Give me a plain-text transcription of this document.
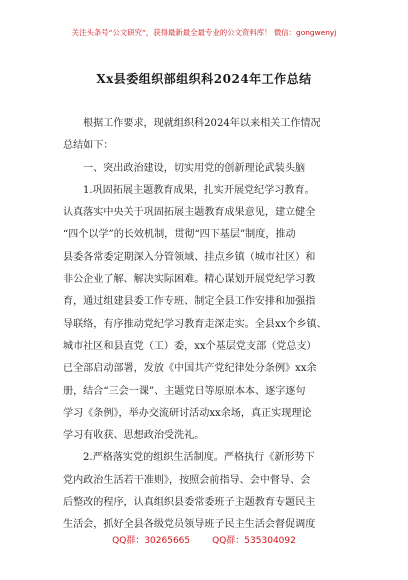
关注头条号“公文研究”，获得最新最全最专业的公文资料库！ 微信：gongwenyj
Xx县委组织部组织科2024年工作总结
根据工作要求，现就组织科2024年以来相关工作情况
总结如下：
一、突出政治建设，切实用党的创新理论武装头脑
1.巩固拓展主题教育成果，扎实开展党纪学习教育。
认真落实中央关于巩固拓展主题教育成果意见，建立健全
“四个以学”的长效机制，贯彻“四下基层”制度，推动
县委各常委定期深入分管领域、挂点乡镇（城市社区）和
非公企业了解、解决实际困难。精心谋划开展党纪学习教
育，通过组建县委工作专班、制定全县工作安排和加强指
导联络，有序推动党纪学习教育走深走实。全县xx个乡镇、
城市社区和县直党（工）委，xx个基层党支部（党总支）
已全部启动部署，发放《中国共产党纪律处分条例》xx余
册，结合“三会一课”、主题党日等原原本本、逐字逐句
学习《条例》，举办交流研讨活动xx余场，真正实现理论
学习有收获、思想政治受洗礼。
2.严格落实党的组织生活制度。严格执行《新形势下
党内政治生活若干准则》，按照会前指导、会中督导、会
后整改的程序，认真组织县委常委班子主题教育专题民主
生活会，抓好全县各级党员领导班子民主生活会督促调度
QQ群：30265665 QQ群：535304092
